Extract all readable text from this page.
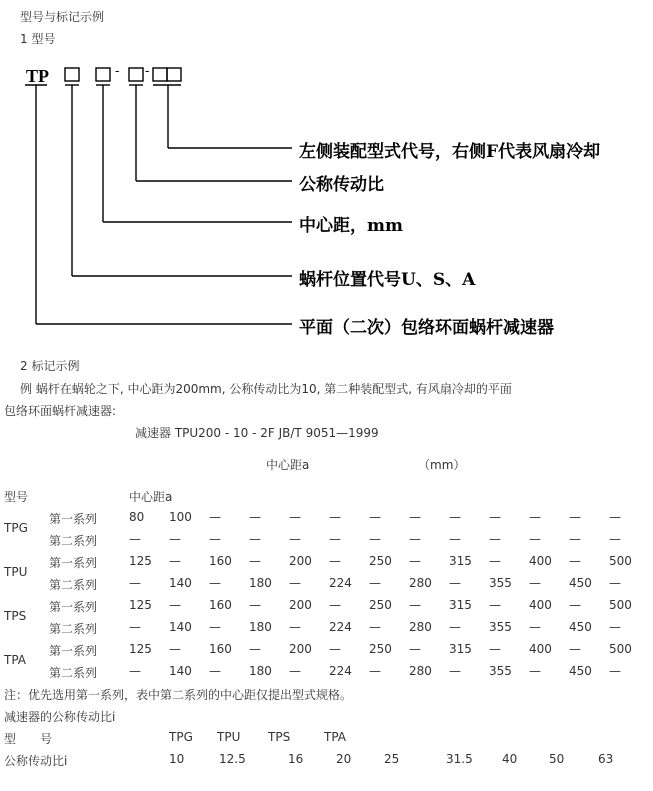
型号与标记示例
1 型号
TP	- -
左侧装配型式代号，右侧F代表风扇冷却
公称传动比
中心距，mm
蜗杆位置代号U、S、A
平面（二次）包络环面蜗杆减速器
2 标记示例
例 蜗杆在蜗轮之下, 中心距为200mm, 公称传动比为10, 第二种装配型式, 有风扇冷却的平面
包络环面蜗杆减速器:
减速器 TPU200 - 10 - 2F JB/T 9051—1999
中心距a	（mm）
型号	中心距a
TPG
第一系列	80 100 — — — — — — — — — — —
第二系列	— — — — — — — — — — — — —
TPU
第一系列	125 — 160 — 200 — 250 — 315 — 400 — 500
第二系列	— 140 — 180 — 224 — 280 — 355 — 450 —
TPS
第一系列	125 — 160 — 200 — 250 — 315 — 400 — 500
第二系列	— 140 — 180 — 224 — 280 — 355 — 450 —
TPA
第一系列	125 — 160 — 200 — 250 — 315 — 400 — 500
第二系列	— 140 — 180 — 224 — 280 — 355 — 450 —
注：优先选用第一系列，表中第二系列的中心距仅提出型式规格。
减速器的公称传动比i
型 号	TPG TPU TPS	TPA
公称传动比i	10	12.5	16	20	25	31.5 40	50	63
